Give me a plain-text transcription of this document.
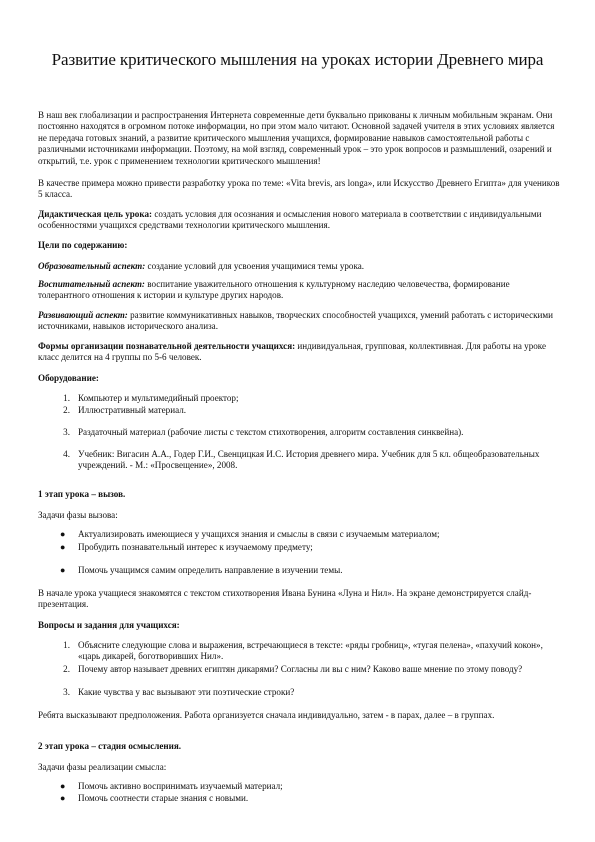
Развитие критического мышления на уроках истории Древнего мира
В наш век глобализации и распространения Интернета современные дети буквально прикованы к личным мобильным экранам. Они постоянно находятся в огромном потоке информации, но при этом мало читают. Основной задачей учителя в этих условиях является не передача готовых знаний, а развитие критического мышления учащихся, формирование навыков самостоятельной работы с различными источниками информации. Поэтому, на мой взгляд, современный урок – это урок вопросов и размышлений, озарений и открытий, т.е. урок с применением технологии критического мышления!
В качестве примера можно привести разработку урока по теме: «Vita brevis, ars longa», или Искусство Древнего Египта» для учеников 5 класса.
Дидактическая цель урока: создать условия для осознания и осмысления нового материала в соответствии с индивидуальными особенностями учащихся средствами технологии критического мышления.
Цели по содержанию:
Образовательный аспект: создание условий для усвоения учащимися темы урока.
Воспитательный аспект: воспитание уважительного отношения к культурному наследию человечества, формирование толерантного отношения к истории и культуре других народов.
Развивающий аспект: развитие коммуникативных навыков, творческих способностей учащихся, умений работать с историческими источниками, навыков исторического анализа.
Формы организации познавательной деятельности учащихся: индивидуальная, групповая, коллективная. Для работы на уроке класс делится на 4 группы по 5-6 человек.
Оборудование:
1. Компьютер и мультимедийный проектор;
2. Иллюстративный материал.
3. Раздаточный материал (рабочие листы с текстом стихотворения, алгоритм составления синквейна).
4. Учебник: Вигасин А.А., Годер Г.И., Свенцицкая И.С. История древнего мира. Учебник для 5 кл. общеобразовательных учреждений. - М.: «Просвещение», 2008.
1 этап урока – вызов.
Задачи фазы вызова:
● Актуализировать имеющиеся у учащихся знания и смыслы в связи с изучаемым материалом;
● Пробудить познавательный интерес к изучаемому предмету;
● Помочь учащимся самим определить направление в изучении темы.
В начале урока учащиеся знакомятся с текстом стихотворения Ивана Бунина «Луна и Нил». На экране демонстрируется слайд-презентация.
Вопросы и задания для учащихся:
1. Объясните следующие слова и выражения, встречающиеся в тексте: «ряды гробниц», «тугая пелена», «пахучий кокон», «царь дикарей, боготворивших Нил».
2. Почему автор называет древних египтян дикарями? Согласны ли вы с ним? Каково ваше мнение по этому поводу?
3. Какие чувства у вас вызывают эти поэтические строки?
Ребята высказывают предположения. Работа организуется сначала индивидуально, затем - в парах, далее – в группах.
2 этап урока – стадия осмысления.
Задачи фазы реализации смысла:
● Помочь активно воспринимать изучаемый материал;
● Помочь соотнести старые знания с новыми.
